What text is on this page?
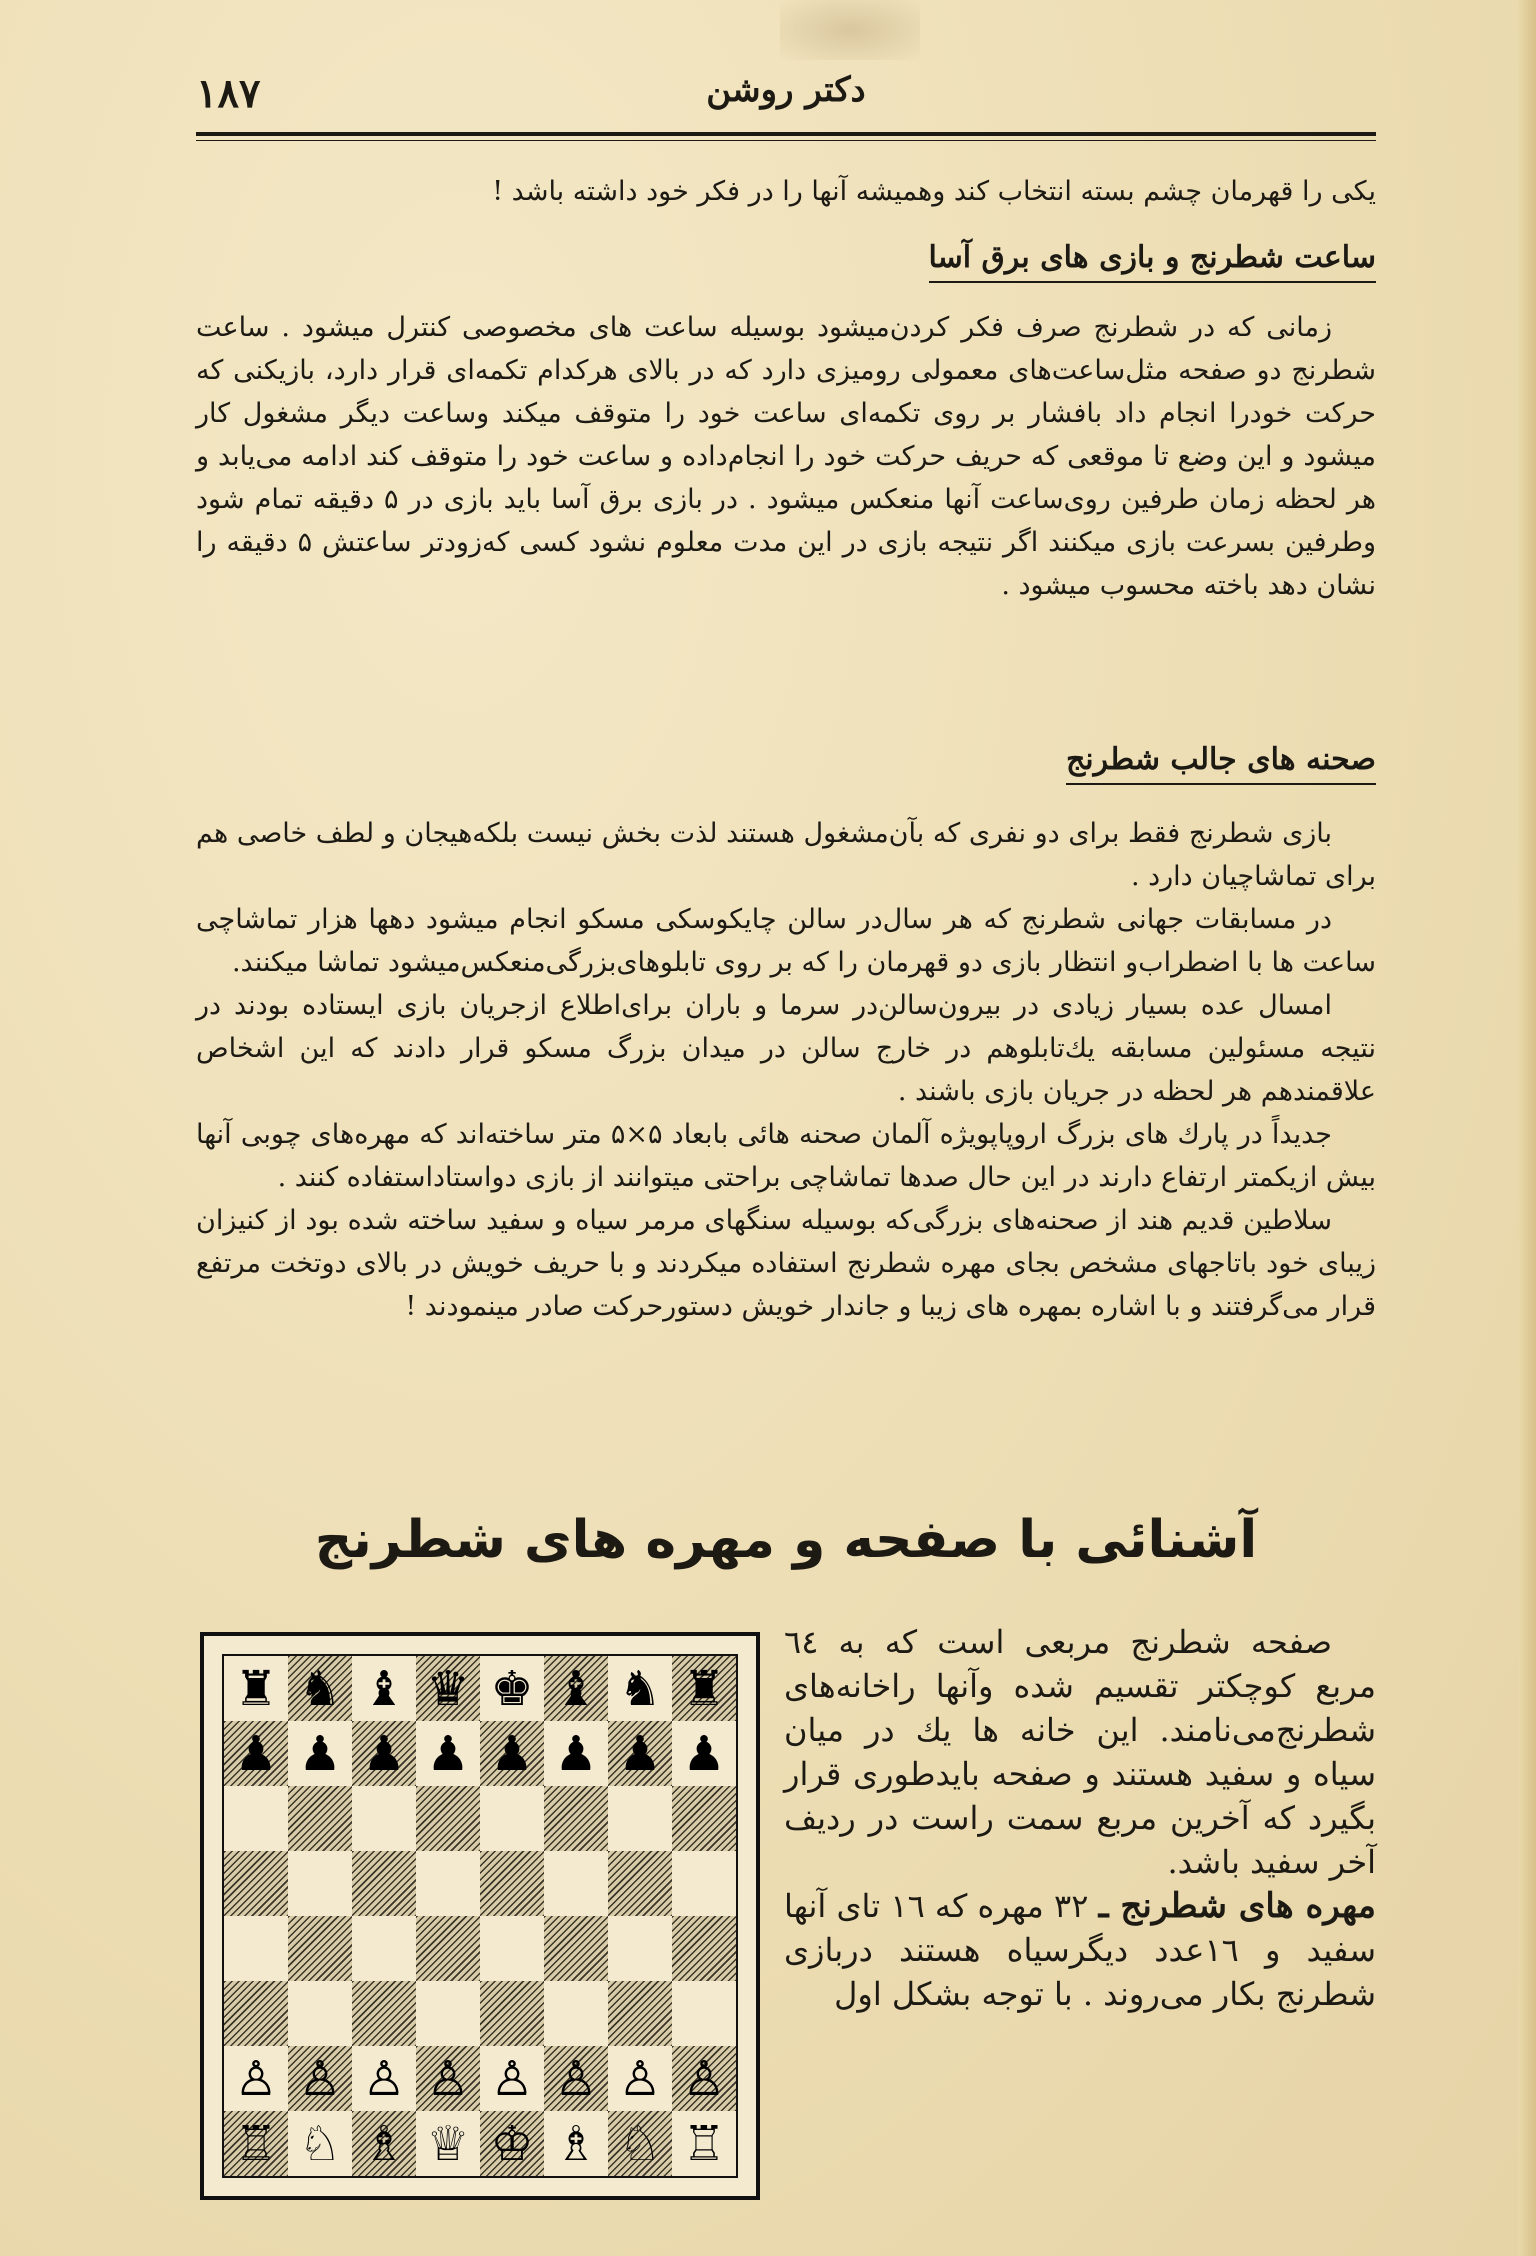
۱۸۷	دکتر روشن

یکی را قهرمان چشم بسته انتخاب کند وهمیشه آنها را در فکر خود داشته باشد !

ساعت شطرنج و بازی های برق آسا

زمانی که در شطرنج صرف فکر کردن‌میشود بوسیله ساعت های مخصوصی کنترل میشود . ساعت شطرنج دو صفحه مثل‌ساعت‌های معمولی رومیزی دارد که در بالای هرکدام تکمه‌ای قرار دارد، بازیکنی که حرکت خودرا انجام داد بافشار بر روی تکمه‌ای ساعت خود را متوقف میکند وساعت دیگر مشغول کار میشود و این وضع تا موقعی که حریف حرکت خود را انجام‌داده و ساعت خود را متوقف کند ادامه می‌یابد و هر لحظه زمان طرفین روی‌ساعت آنها منعکس میشود . در بازی برق آسا باید بازی در ۵ دقیقه تمام شود وطرفین بسرعت بازی میکنند اگر نتیجه بازی در این مدت معلوم نشود کسی که‌زودتر ساعتش ۵ دقیقه را نشان دهد باخته محسوب میشود .

صحنه های جالب شطرنج

بازی شطرنج فقط برای دو نفری که بآن‌مشغول هستند لذت بخش نیست بلکه‌هیجان و لطف خاصی هم برای تماشاچیان دارد .

در مسابقات جهانی شطرنج که هر سال‌در سالن چایکوسکی مسکو انجام میشود دهها هزار تماشاچی ساعت ها با اضطراب‌و انتظار بازی دو قهرمان را که بر روی تابلوهای‌بزرگی‌منعکس‌میشود تماشا میکنند.

امسال عده بسیار زیادی در بیرون‌سالن‌در سرما و باران برای‌اطلاع ازجریان بازی ایستاده بودند در نتیجه مسئولین مسابقه یك‌تابلوهم در خارج سالن در میدان بزرگ مسکو قرار دادند که این اشخاص علاقمندهم هر لحظه در جریان بازی باشند .

جدیداً در پارك های بزرگ اروپاپویژه آلمان صحنه هائی بابعاد ۵×۵ متر ساخته‌اند که مهره‌های چوبی آنها بیش ازیکمتر ارتفاع دارند در این حال صدها تماشاچی براحتی میتوانند از بازی دواستاداستفاده کنند .

سلاطین قدیم هند از صحنه‌های بزرگی‌که بوسیله سنگهای مرمر سیاه و سفید ساخته شده بود از کنیزان زیبای خود باتاجهای مشخص بجای مهره شطرنج استفاده میکردند و با حریف خویش در بالای دوتخت مرتفع قرار می‌گرفتند و با اشاره بمهره های زیبا و جاندار خویش دستورحرکت صادر مینمودند !

آشنائی با صفحه و مهره های شطرنج
♜ ♞ ♝ ♛ ♚ ♝ ♞ ♜
♟ ♟ ♟ ♟ ♟ ♟ ♟ ♟
♙ ♙ ♙ ♙ ♙ ♙ ♙ ♙
♖ ♘ ♗ ♕ ♔ ♗ ♘ ♖

صفحه شطرنج مربعی است که به ٦٤ مربع کوچکتر تقسیم شده وآنها راخانه‌های شطرنج‌می‌نامند. این خانه ها یك در میان سیاه و سفید هستند و صفحه بایدطوری قرار بگیرد که آخرین مربع سمت راست در ردیف آخر سفید باشد.

مهره های شطرنج ـ ٣٢ مهره که ١٦ تای آنها سفید و ١٦عدد دیگرسیاه هستند دربازی شطرنج بکار می‌روند . با توجه بشکل اول
